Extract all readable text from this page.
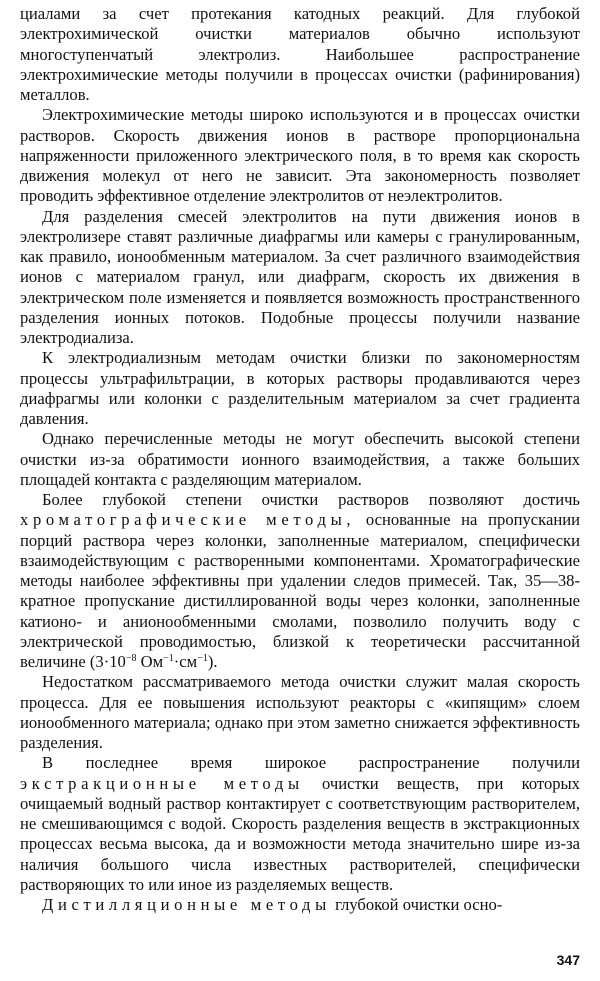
циалами за счет протекания катодных реакций. Для глубокой электрохимической очистки материалов обычно используют многоступенчатый электролиз. Наибольшее распространение электрохимические методы получили в процессах очистки (рафинирования) металлов.

Электрохимические методы широко используются и в процессах очистки растворов. Скорость движения ионов в растворе пропорциональна напряженности приложенного электрического поля, в то время как скорость движения молекул от него не зависит. Эта закономерность позволяет проводить эффективное отделение электролитов от неэлектролитов.

Для разделения смесей электролитов на пути движения ионов в электролизере ставят различные диафрагмы или камеры с гранулированным, как правило, ионообменным материалом. За счет различного взаимодействия ионов с материалом гранул, или диафрагм, скорость их движения в электрическом поле изменяется и появляется возможность пространственного разделения ионных потоков. Подобные процессы получили название электродиализа.

К электродиализным методам очистки близки по закономерностям процессы ультрафильтрации, в которых растворы продавливаются через диафрагмы или колонки с разделительным материалом за счет градиента давления.

Однако перечисленные методы не могут обеспечить высокой степени очистки из-за обратимости ионного взаимодействия, а также больших площадей контакта с разделяющим материалом.

Более глубокой степени очистки растворов позволяют достичь хроматографические методы, основанные на пропускании порций раствора через колонки, заполненные материалом, специфически взаимодействующим с растворенными компонентами. Хроматографические методы наиболее эффективны при удалении следов примесей. Так, 35—38-кратное пропускание дистиллированной воды через колонки, заполненные катионо- и анионообменными смолами, позволило получить воду с электрической проводимостью, близкой к теоретически рассчитанной величине ($3\cdot 10^{-8}$ $Ом^{-1}\cdot см^{-1}$).

Недостатком рассматриваемого метода очистки служит малая скорость процесса. Для ее повышения используют реакторы с «кипящим» слоем ионообменного материала; однако при этом заметно снижается эффективность разделения.

В последнее время широкое распространение получили экстракционные методы очистки веществ, при которых очищаемый водный раствор контактирует с соответствующим растворителем, не смешивающимся с водой. Скорость разделения веществ в экстракционных процессах весьма высока, да и возможности метода значительно шире из-за наличия большого числа известных растворителей, специфически растворяющих то или иное из разделяемых веществ.

Дистилляционные методы глубокой очистки осно-

347
